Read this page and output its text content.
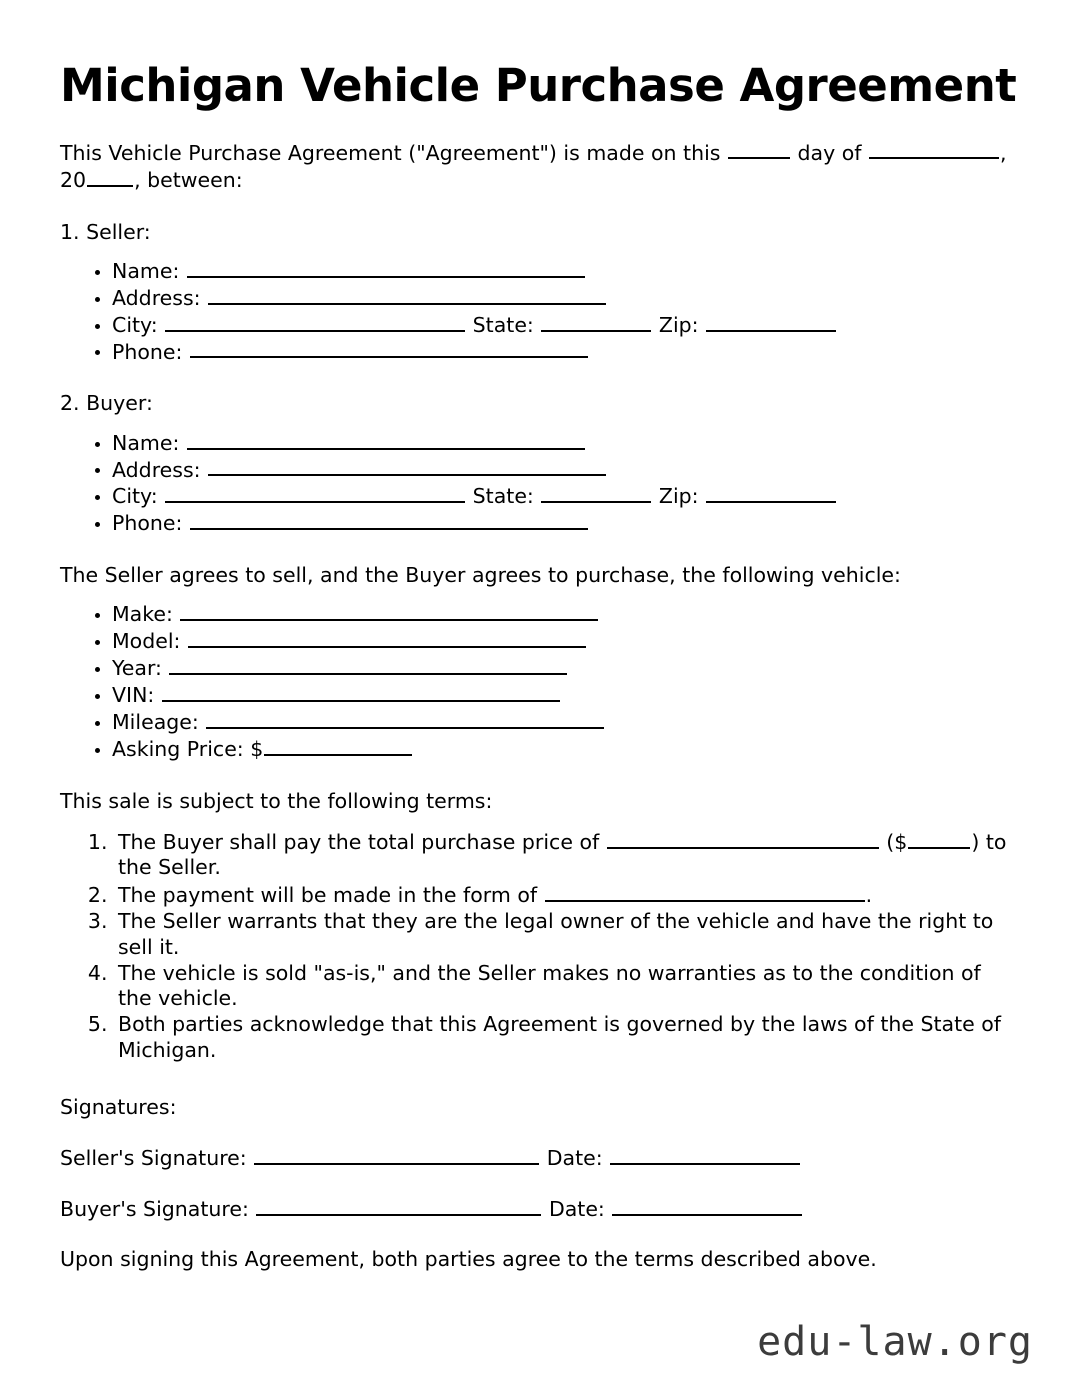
Michigan Vehicle Purchase Agreement

This Vehicle Purchase Agreement ("Agreement") is made on this	day of	,
20 , between:

1. Seller:

• Name:
• Address:
• City:	State:	Zip:
• Phone:

2. Buyer:

• Name:
• Address:
• City:	State:	Zip:
• Phone:

The Seller agrees to sell, and the Buyer agrees to purchase, the following vehicle:

• Make:
• Model:
• Year:
• VIN:
• Mileage:
• Asking Price: $

This sale is subject to the following terms:

1. The Buyer shall pay the total purchase price of	($	) to the Seller.
2. The payment will be made in the form of	.
3. The Seller warrants that they are the legal owner of the vehicle and have the right to sell it.
4. The vehicle is sold "as-is," and the Seller makes no warranties as to the condition of the vehicle.
5. Both parties acknowledge that this Agreement is governed by the laws of the State of Michigan.

Signatures:

Seller's Signature:	Date:

Buyer's Signature:	Date:

Upon signing this Agreement, both parties agree to the terms described above.

edu-law.org
